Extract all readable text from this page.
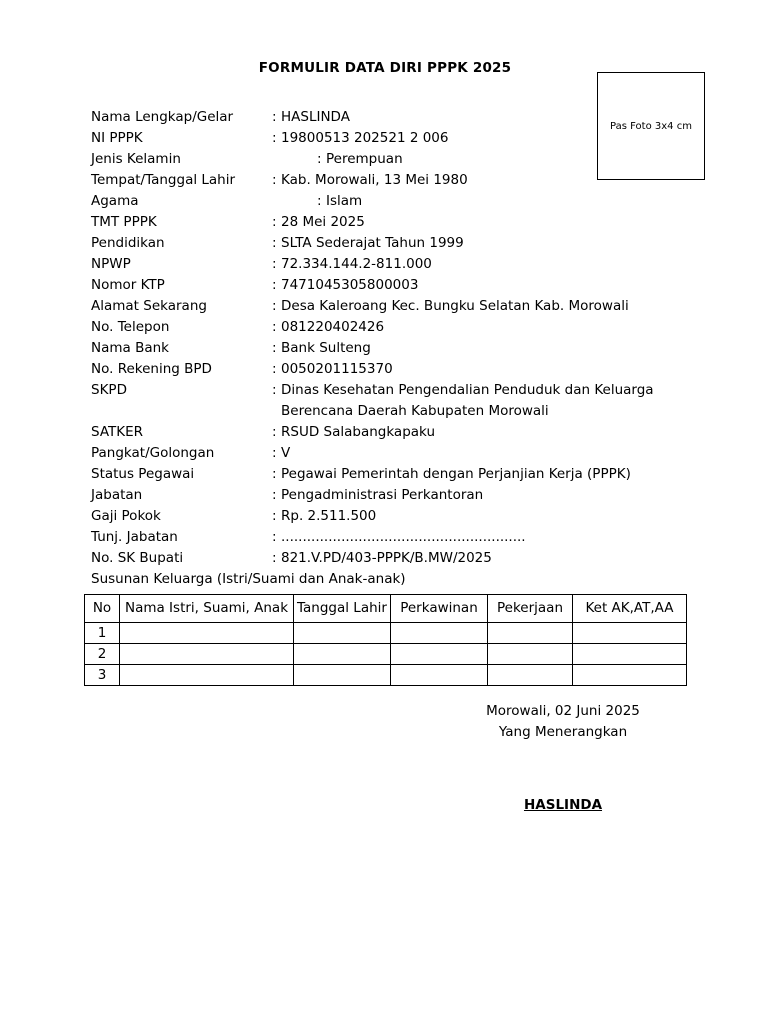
FORMULIR DATA DIRI PPPK 2025
Pas Foto 3x4 cm
Nama Lengkap/Gelar	: HASLINDA
NI PPPK	: 19800513 202521 2 006
Jenis Kelamin	: Perempuan
Tempat/Tanggal Lahir	: Kab. Morowali, 13 Mei 1980
Agama	: Islam
TMT PPPK	: 28 Mei 2025
Pendidikan	: SLTA Sederajat Tahun 1999
NPWP	: 72.334.144.2-811.000
Nomor KTP	: 7471045305800003
Alamat Sekarang	: Desa Kaleroang Kec. Bungku Selatan Kab. Morowali
No. Telepon	: 081220402426
Nama Bank	: Bank Sulteng
No. Rekening BPD	: 0050201115370
SKPD	: Dinas Kesehatan Pengendalian Penduduk dan Keluarga Berencana Daerah Kabupaten Morowali
SATKER	: RSUD Salabangkapaku
Pangkat/Golongan	: V
Status Pegawai	: Pegawai Pemerintah dengan Perjanjian Kerja (PPPK)
Jabatan	: Pengadministrasi Perkantoran
Gaji Pokok	: Rp. 2.511.500
Tunj. Jabatan	: .........................................................
No. SK Bupati	: 821.V.PD/403-PPPK/B.MW/2025
Susunan Keluarga (Istri/Suami dan Anak-anak)
No	Nama Istri, Suami, Anak	Tanggal Lahir	Perkawinan	Pekerjaan	Ket AK,AT,AA
1					
2					
3					
Morowali, 02 Juni 2025
Yang Menerangkan
HASLINDA
